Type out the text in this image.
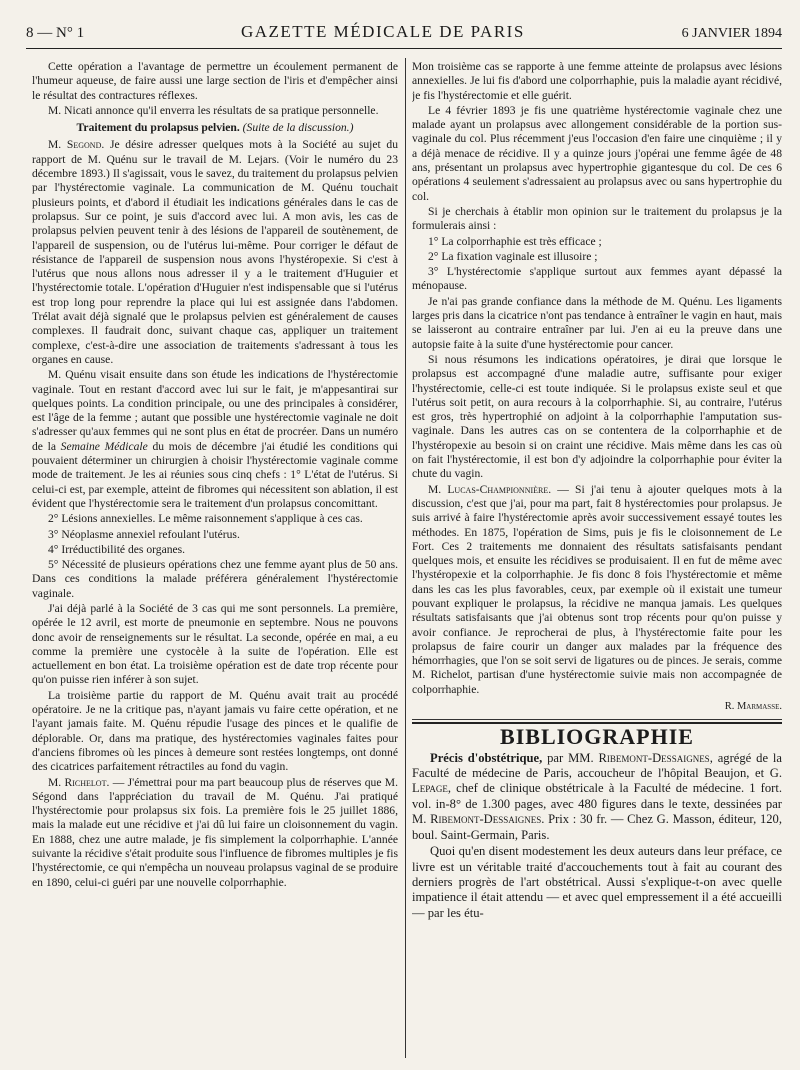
8 — N° 1	GAZETTE MÉDICALE DE PARIS	6 JANVIER 1894

Cette opération a l'avantage de permettre un écoulement permanent de l'humeur aqueuse, de faire aussi une large section de l'iris et d'empêcher ainsi le résultat des contractures réflexes.

M. Nicati annonce qu'il enverra les résultats de sa pratique personnelle.

Traitement du prolapsus pelvien. (Suite de la discussion.)

M. Segond. Je désire adresser quelques mots à la Société au sujet du rapport de M. Quénu sur le travail de M. Lejars. (Voir le numéro du 23 décembre 1893.) Il s'agissait, vous le savez, du traitement du prolapsus pelvien par l'hystérectomie vaginale. La communication de M. Quénu touchait plusieurs points, et d'abord il étudiait les indications générales dans le cas de prolapsus. Sur ce point, je suis d'accord avec lui. A mon avis, les cas de prolapsus pelvien peuvent tenir à des lésions de l'appareil de soutènement, de l'appareil de suspension, ou de l'utérus lui-même. Pour corriger le défaut de résistance de l'appareil de suspension nous avons l'hystéropexie. Si c'est à l'utérus que nous allons nous adresser il y a le traitement d'Huguier et l'hystérectomie totale. L'opération d'Huguier n'est indispensable que si l'utérus est trop long pour reprendre la place qui lui est assignée dans l'abdomen. Trélat avait déjà signalé que le prolapsus pelvien est généralement de causes complexes. Il faudrait donc, suivant chaque cas, appliquer un traitement complexe, c'est-à-dire une association de traitements s'adressant à tous les organes en cause.

M. Quénu visait ensuite dans son étude les indications de l'hystérectomie vaginale. Tout en restant d'accord avec lui sur le fait, je m'appesantirai sur quelques points. La condition principale, ou une des principales à considérer, est l'âge de la femme ; autant que possible une hystérectomie vaginale ne doit s'adresser qu'aux femmes qui ne sont plus en état de procréer. Dans un numéro de la Semaine Médicale du mois de décembre j'ai étudié les conditions qui pouvaient déterminer un chirurgien à choisir l'hystérectomie vaginale comme mode de traitement. Je les ai réunies sous cinq chefs : 1° L'état de l'utérus. Si celui-ci est, par exemple, atteint de fibromes qui nécessitent son ablation, il est évident que l'hystérectomie sera le traitement d'un prolapsus concomittant.

2° Lésions annexielles. Le même raisonnement s'applique à ces cas.

3° Néoplasme annexiel refoulant l'utérus.

4° Irréductibilité des organes.

5° Nécessité de plusieurs opérations chez une femme ayant plus de 50 ans. Dans ces conditions la malade préférera généralement l'hystérectomie vaginale.

J'ai déjà parlé à la Société de 3 cas qui me sont personnels. La première, opérée le 12 avril, est morte de pneumonie en septembre. Nous ne pouvons donc avoir de renseignements sur le résultat. La seconde, opérée en mai, a eu comme la première une cystocèle à la suite de l'opération. Elle est actuellement en bon état. La troisième opération est de date trop récente pour qu'on puisse rien inférer à son sujet.

La troisième partie du rapport de M. Quénu avait trait au procédé opératoire. Je ne la critique pas, n'ayant jamais vu faire cette opération, et ne l'ayant jamais faite. M. Quénu répudie l'usage des pinces et le qualifie de déplorable. Or, dans ma pratique, des hystérectomies vaginales faites pour d'anciens fibromes où les pinces à demeure sont restées longtemps, ont donné des cicatrices parfaitement rétractiles au fond du vagin.

M. Richelot. — J'émettrai pour ma part beaucoup plus de réserves que M. Ségond dans l'appréciation du travail de M. Quénu. J'ai pratiqué l'hystérectomie pour prolapsus six fois. La première fois le 25 juillet 1886, mais la malade eut une récidive et j'ai dû lui faire un cloisonnement du vagin. En 1888, chez une autre malade, je fis simplement la colporrhaphie. L'année suivante la récidive s'était produite sous l'influence de fibromes multiples je fis l'hystérectomie, ce qui n'empêcha un nouveau prolapsus vaginal de se produire en 1890, celui-ci guéri par une nouvelle colporrhaphie.

Mon troisième cas se rapporte à une femme atteinte de prolapsus avec lésions annexielles. Je lui fis d'abord une colporrhaphie, puis la maladie ayant récidivé, je fis l'hystérectomie et elle guérit.

Le 4 février 1893 je fis une quatrième hystérectomie vaginale chez une malade ayant un prolapsus avec allongement considérable de la portion sus-vaginale du col. Plus récemment j'eus l'occasion d'en faire une cinquième ; il y a déjà menace de récidive. Il y a quinze jours j'opérai une femme âgée de 48 ans, présentant un prolapsus avec hypertrophie gigantesque du col. De ces 6 opérations 4 seulement s'adressaient au prolapsus avec ou sans hypertrophie du col.

Si je cherchais à établir mon opinion sur le traitement du prolapsus je la formulerais ainsi :

1° La colporrhaphie est très efficace ;

2° La fixation vaginale est illusoire ;

3° L'hystérectomie s'applique surtout aux femmes ayant dépassé la ménopause.

Je n'ai pas grande confiance dans la méthode de M. Quénu. Les ligaments larges pris dans la cicatrice n'ont pas tendance à entraîner le vagin en haut, mais se laisseront au contraire entraîner par lui. J'en ai eu la preuve dans une autopsie faite à la suite d'une hystérectomie pour cancer.

Si nous résumons les indications opératoires, je dirai que lorsque le prolapsus est accompagné d'une maladie autre, suffisante pour exiger l'hystérectomie, celle-ci est toute indiquée. Si le prolapsus existe seul et que l'utérus soit petit, on aura recours à la colporrhaphie. Si, au contraire, l'utérus est gros, très hypertrophié on adjoint à la colporrhaphie l'amputation sus-vaginale. Dans les autres cas on se contentera de la colporrhaphie et de l'hystéropexie au besoin si on craint une récidive. Mais même dans les cas où on fait l'hystérectomie, il est bon d'y adjoindre la colporrhaphie pour éviter la chute du vagin.

M. Lucas-Championnière. — Si j'ai tenu à ajouter quelques mots à la discussion, c'est que j'ai, pour ma part, fait 8 hystérectomies pour prolapsus. Je suis arrivé à faire l'hystérectomie après avoir successivement essayé toutes les méthodes. En 1875, l'opération de Sims, puis je fis le cloisonnement de Le Fort. Ces 2 traitements me donnaient des résultats satisfaisants pendant quelques mois, et ensuite les récidives se produisaient. Il en fut de même avec l'hystéropexie et la colporrhaphie. Je fis donc 8 fois l'hystérectomie et même dans les cas les plus favorables, ceux, par exemple où il existait une tumeur pouvant expliquer le prolapsus, la récidive ne manqua jamais. Les quelques résultats satisfaisants que j'ai obtenus sont trop récents pour qu'on puisse y avoir confiance. Je reprocherai de plus, à l'hystérectomie faite pour les prolapsus de faire courir un danger aux malades par la fréquence des hémorrhagies, que l'on se soit servi de ligatures ou de pinces. Je serais, comme M. Richelot, partisan d'une hystérectomie suivie mais non accompagnée de colporrhaphie.

R. Marmasse.
BIBLIOGRAPHIE

Précis d'obstétrique, par MM. Ribemont-Dessaignes, agrégé de la Faculté de médecine de Paris, accoucheur de l'hôpital Beaujon, et G. Lepage, chef de clinique obstétricale à la Faculté de médecine. 1 fort. vol. in-8° de 1.300 pages, avec 480 figures dans le texte, dessinées par M. Ribemont-Dessaignes. Prix : 30 fr. — Chez G. Masson, éditeur, 120, boul. Saint-Germain, Paris.

Quoi qu'en disent modestement les deux auteurs dans leur préface, ce livre est un véritable traité d'accouchements tout à fait au courant des derniers progrès de l'art obstétrical. Aussi s'explique-t-on avec quelle impatience il était attendu — et avec quel empressement il a été accueilli — par les étu-
